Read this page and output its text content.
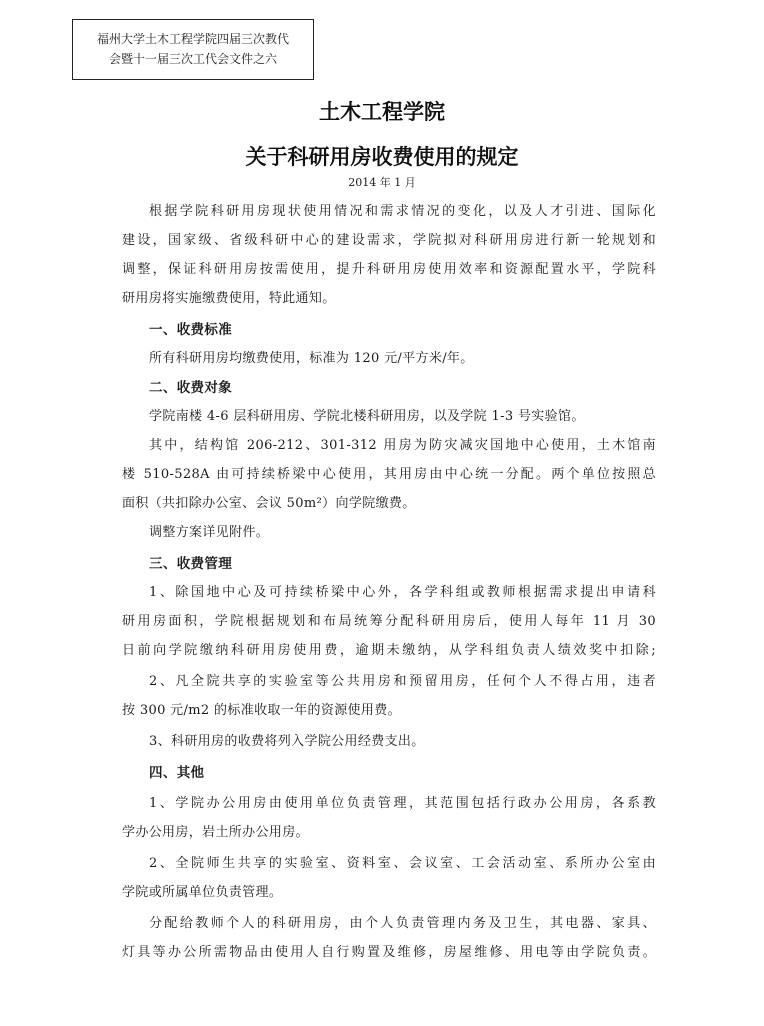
福州大学土木工程学院四届三次教代
会暨十一届三次工代会文件之六
土木工程学院
关于科研用房收费使用的规定
2014 年 1 月
根据学院科研用房现状使用情况和需求情况的变化，以及人才引进、国际化
建设，国家级、省级科研中心的建设需求，学院拟对科研用房进行新一轮规划和
调整，保证科研用房按需使用，提升科研用房使用效率和资源配置水平，学院科
研用房将实施缴费使用，特此通知。
一、收费标准
所有科研用房均缴费使用，标准为 120 元/平方米/年。
二、收费对象
学院南楼 4-6 层科研用房、学院北楼科研用房，以及学院 1-3 号实验馆。
其中，结构馆 206-212、301-312 用房为防灾减灾国地中心使用，土木馆南
楼 510-528A 由可持续桥梁中心使用，其用房由中心统一分配。两个单位按照总
面积（共扣除办公室、会议 50m²）向学院缴费。
调整方案详见附件。
三、收费管理
1、除国地中心及可持续桥梁中心外，各学科组或教师根据需求提出申请科
研用房面积，学院根据规划和布局统筹分配科研用房后，使用人每年 11 月 30
日前向学院缴纳科研用房使用费，逾期未缴纳，从学科组负责人绩效奖中扣除;
2、凡全院共享的实验室等公共用房和预留用房，任何个人不得占用，违者
按 300 元/m2 的标准收取一年的资源使用费。
3、科研用房的收费将列入学院公用经费支出。
四、其他
1、学院办公用房由使用单位负责管理，其范围包括行政办公用房，各系教
学办公用房，岩土所办公用房。
2、全院师生共享的实验室、资料室、会议室、工会活动室、系所办公室由
学院或所属单位负责管理。
分配给教师个人的科研用房，由个人负责管理内务及卫生，其电器、家具、
灯具等办公所需物品由使用人自行购置及维修，房屋维修、用电等由学院负责。
